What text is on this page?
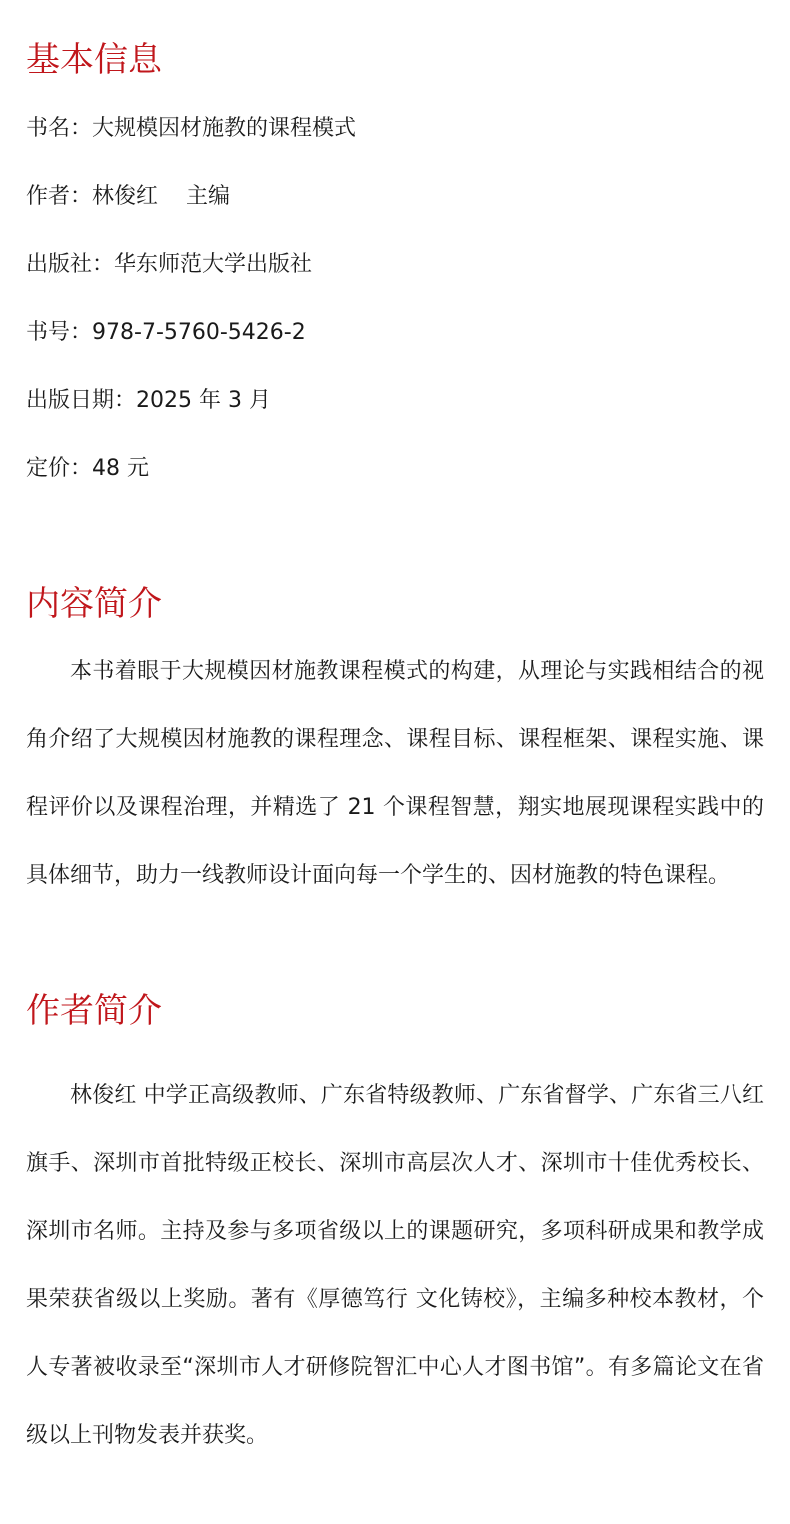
基本信息
书名：大规模因材施教的课程模式
作者：林俊红 主编
出版社：华东师范大学出版社
书号：978-7-5760-5426-2
出版日期：2025 年 3 月
定价：48 元
内容简介

本书着眼于大规模因材施教课程模式的构建，从理论与实践相结合的视角介绍了大规模因材施教的课程理念、课程目标、课程框架、课程实施、课程评价以及课程治理，并精选了 21 个课程智慧，翔实地展现课程实践中的具体细节，助力一线教师设计面向每一个学生的、因材施教的特色课程。

作者简介

林俊红 中学正高级教师、广东省特级教师、广东省督学、广东省三八红旗手、深圳市首批特级正校长、深圳市高层次人才、深圳市十佳优秀校长、深圳市名师。主持及参与多项省级以上的课题研究，多项科研成果和教学成果荣获省级以上奖励。著有《厚德笃行 文化铸校》，主编多种校本教材，个人专著被收录至“深圳市人才研修院智汇中心人才图书馆”。有多篇论文在省级以上刊物发表并获奖。
